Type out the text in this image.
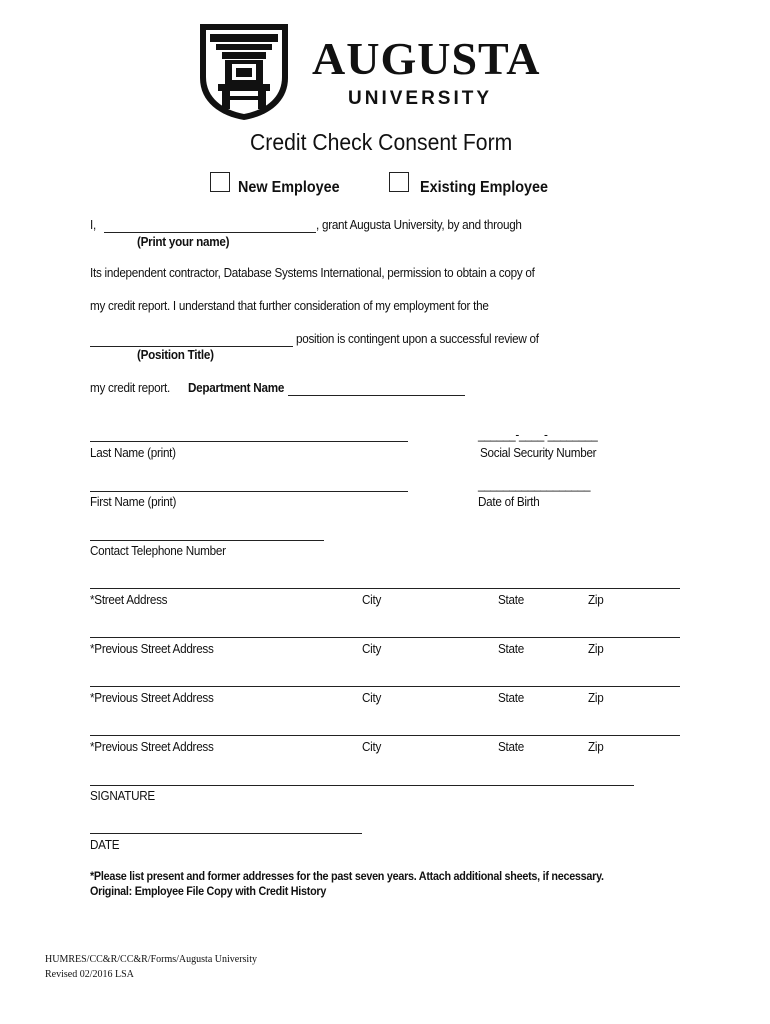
AUGUSTA
UNIVERSITY
Credit Check Consent Form
New Employee	Existing Employee
I,	, grant Augusta University, by and through
(Print your name)
Its independent contractor, Database Systems International, permission to obtain a copy of
my credit report. I understand that further consideration of my employment for the
position is contingent upon a successful review of
(Position Title)
my credit report. Department Name
Last Name (print)
______-____-________
Social Security Number
First Name (print)
__________________
Date of Birth
Contact Telephone Number
*Street Address	City	State	Zip
*Previous Street Address	City	State	Zip
*Previous Street Address	City	State	Zip
*Previous Street Address	City	State	Zip
SIGNATURE
DATE
*Please list present and former addresses for the past seven years. Attach additional sheets, if necessary.
Original: Employee File Copy with Credit History
HUMRES/CC&R/CC&R/Forms/Augusta University
Revised 02/2016 LSA
